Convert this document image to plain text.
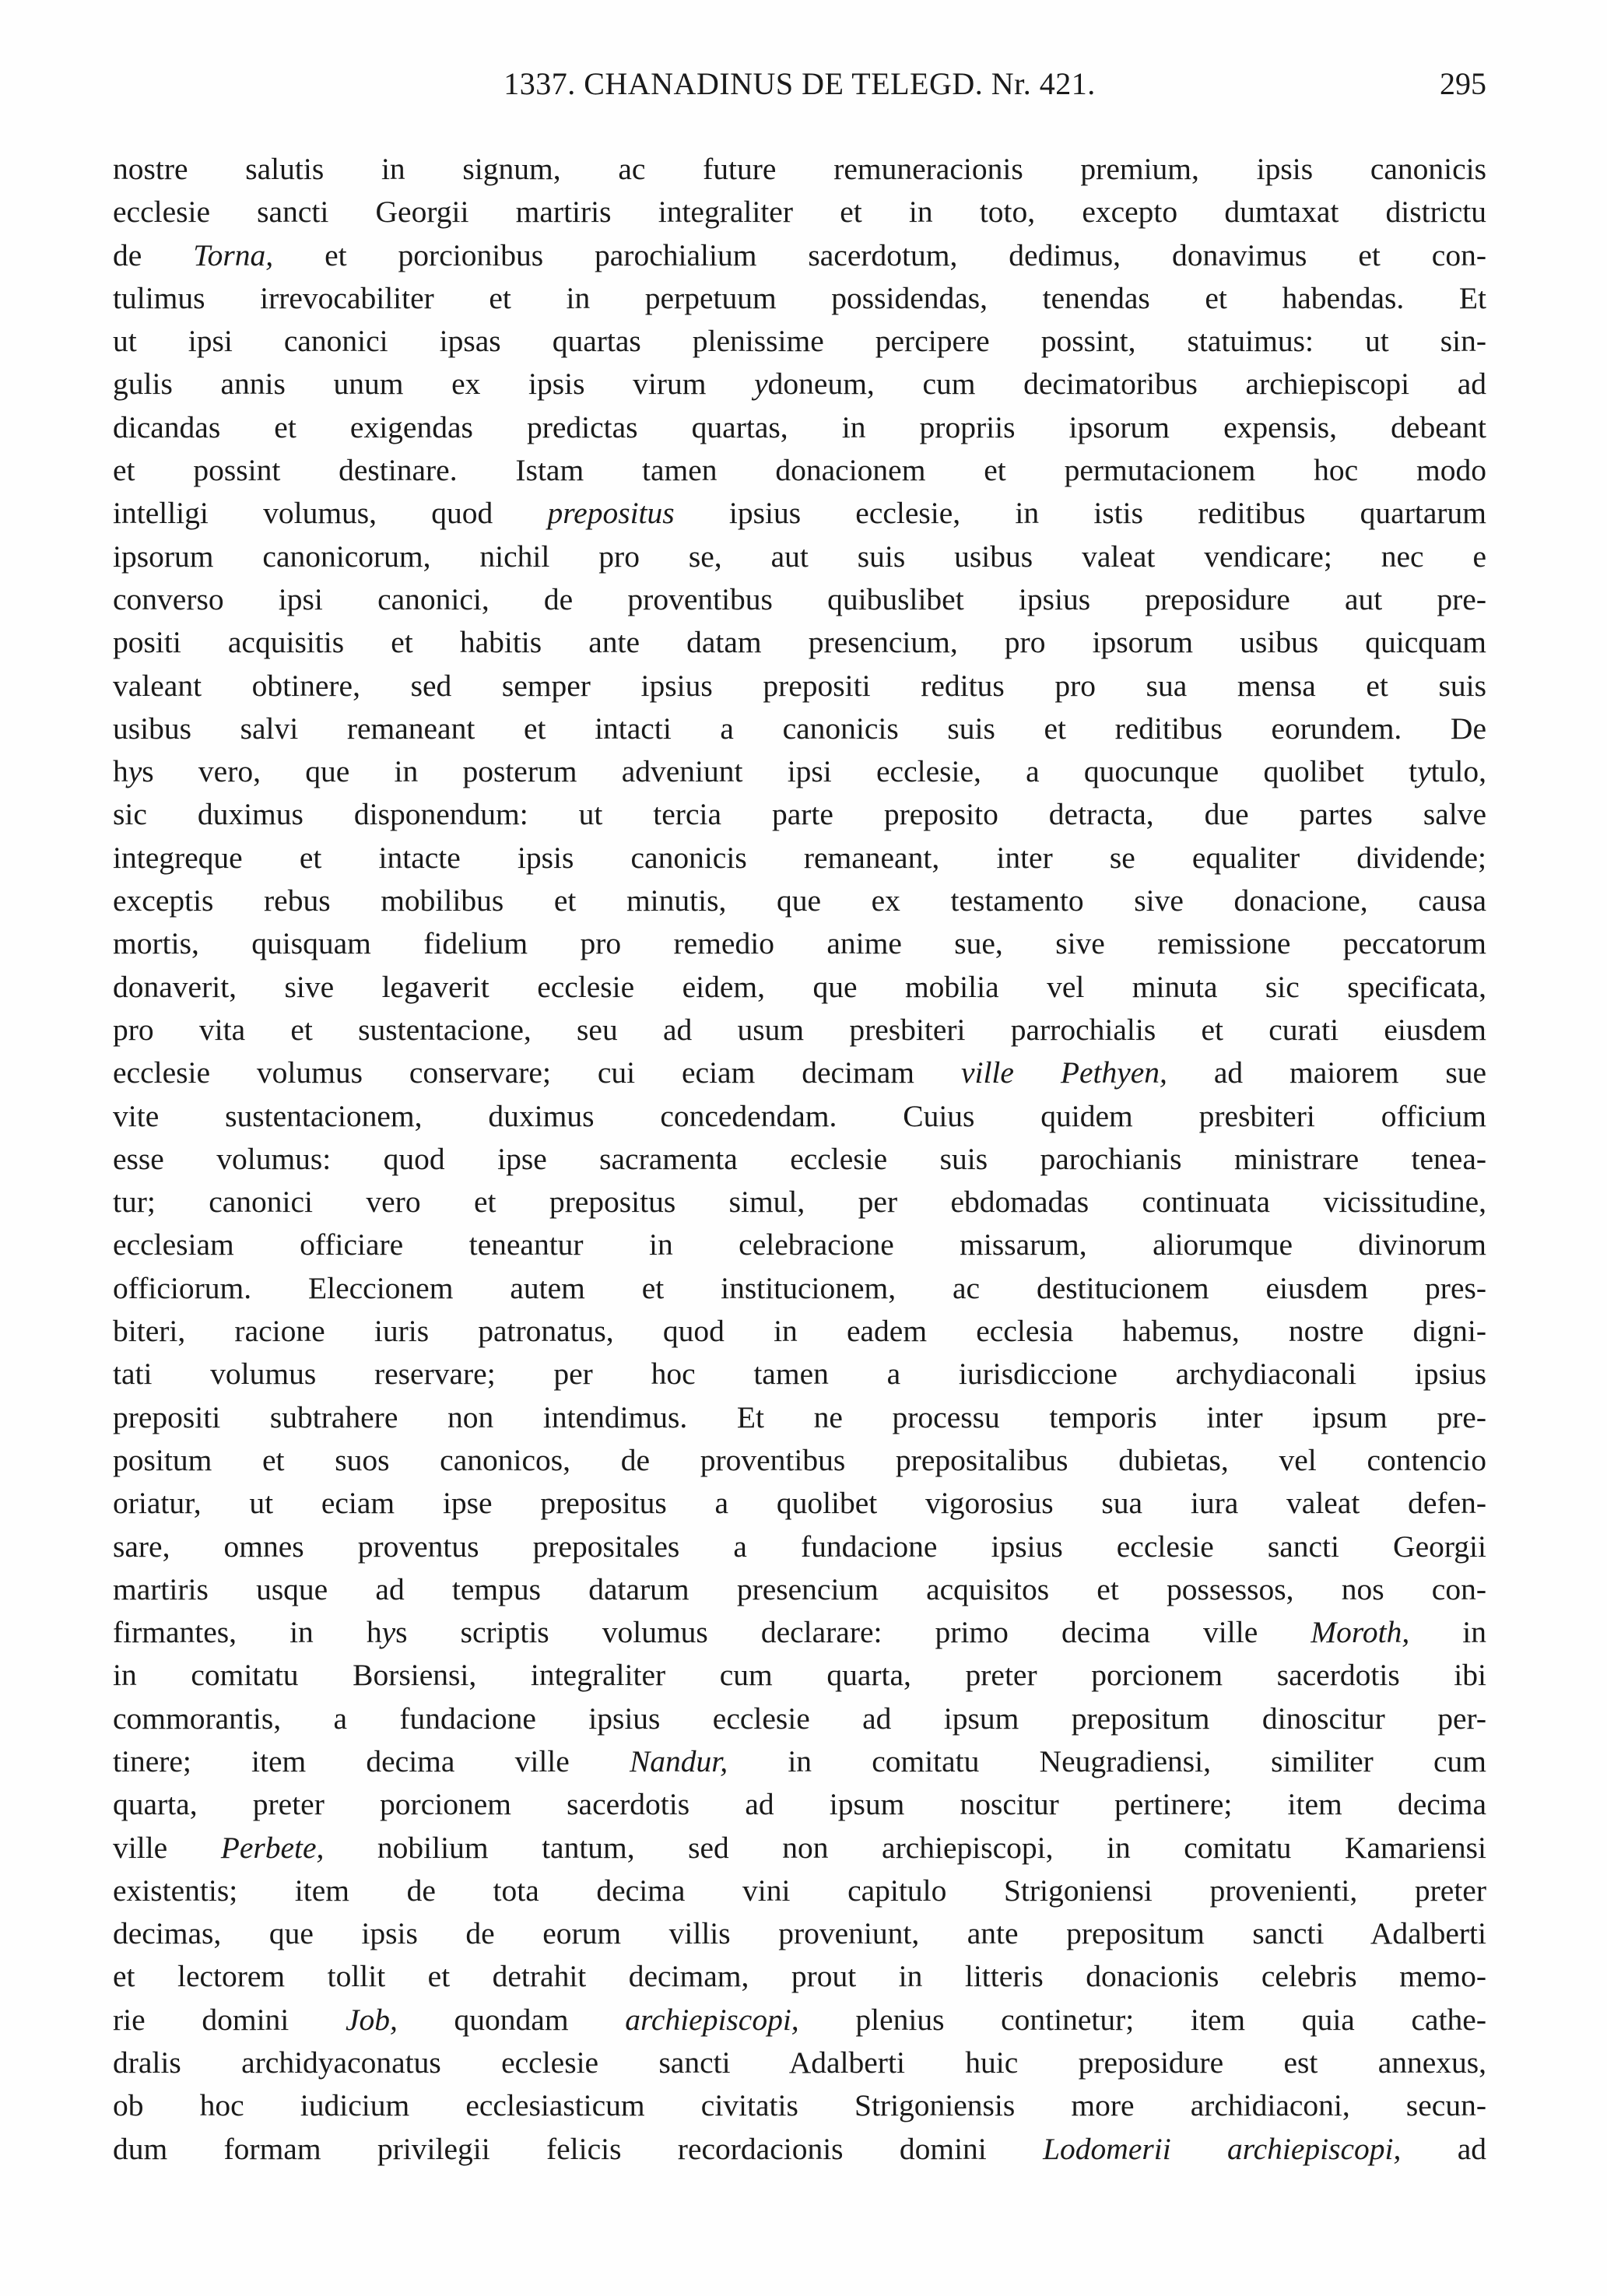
1337. CHANADINUS DE TELEGD. Nr. 421.	295
nostre salutis in signum, ac future remuneracionis premium, ipsis canonicis
ecclesie sancti Georgii martiris integraliter et in toto, excepto dumtaxat districtu
de Torna, et porcionibus parochialium sacerdotum, dedimus, donavimus et con-
tulimus irrevocabiliter et in perpetuum possidendas, tenendas et habendas. Et
ut ipsi canonici ipsas quartas plenissime percipere possint, statuimus: ut sin-
gulis annis unum ex ipsis virum ydoneum, cum decimatoribus archiepiscopi ad
dicandas et exigendas predictas quartas, in propriis ipsorum expensis, debeant
et possint destinare. Istam tamen donacionem et permutacionem hoc modo
intelligi volumus, quod prepositus ipsius ecclesie, in istis reditibus quartarum
ipsorum canonicorum, nichil pro se, aut suis usibus valeat vendicare; nec e
converso ipsi canonici, de proventibus quibuslibet ipsius preposidure aut pre-
positi acquisitis et habitis ante datam presencium, pro ipsorum usibus quicquam
valeant obtinere, sed semper ipsius prepositi reditus pro sua mensa et suis
usibus salvi remaneant et intacti a canonicis suis et reditibus eorundem. De
hys vero, que in posterum adveniunt ipsi ecclesie, a quocunque quolibet tytulo,
sic duximus disponendum: ut tercia parte preposito detracta, due partes salve
integreque et intacte ipsis canonicis remaneant, inter se equaliter dividende;
exceptis rebus mobilibus et minutis, que ex testamento sive donacione, causa
mortis, quisquam fidelium pro remedio anime sue, sive remissione peccatorum
donaverit, sive legaverit ecclesie eidem, que mobilia vel minuta sic specificata,
pro vita et sustentacione, seu ad usum presbiteri parrochialis et curati eiusdem
ecclesie volumus conservare; cui eciam decimam ville Pethyen, ad maiorem sue
vite sustentacionem, duximus concedendam. Cuius quidem presbiteri officium
esse volumus: quod ipse sacramenta ecclesie suis parochianis ministrare tenea-
tur; canonici vero et prepositus simul, per ebdomadas continuata vicissitudine,
ecclesiam officiare teneantur in celebracione missarum, aliorumque divinorum
officiorum. Eleccionem autem et institucionem, ac destitucionem eiusdem pres-
biteri, racione iuris patronatus, quod in eadem ecclesia habemus, nostre digni-
tati volumus reservare; per hoc tamen a iurisdiccione archydiaconali ipsius
prepositi subtrahere non intendimus. Et ne processu temporis inter ipsum pre-
positum et suos canonicos, de proventibus prepositalibus dubietas, vel contencio
oriatur, ut eciam ipse prepositus a quolibet vigorosius sua iura valeat defen-
sare, omnes proventus prepositales a fundacione ipsius ecclesie sancti Georgii
martiris usque ad tempus datarum presencium acquisitos et possessos, nos con-
firmantes, in hys scriptis volumus declarare: primo decima ville Moroth, in
in comitatu Borsiensi, integraliter cum quarta, preter porcionem sacerdotis ibi
commorantis, a fundacione ipsius ecclesie ad ipsum prepositum dinoscitur per-
tinere; item decima ville Nandur, in comitatu Neugradiensi, similiter cum
quarta, preter porcionem sacerdotis ad ipsum noscitur pertinere; item decima
ville Perbete, nobilium tantum, sed non archiepiscopi, in comitatu Kamariensi
existentis; item de tota decima vini capitulo Strigoniensi provenienti, preter
decimas, que ipsis de eorum villis proveniunt, ante prepositum sancti Adalberti
et lectorem tollit et detrahit decimam, prout in litteris donacionis celebris memo-
rie domini Job, quondam archiepiscopi, plenius continetur; item quia cathe-
dralis archidyaconatus ecclesie sancti Adalberti huic preposidure est annexus,
ob hoc iudicium ecclesiasticum civitatis Strigoniensis more archidiaconi, secun-
dum formam privilegii felicis recordacionis domini Lodomerii archiepiscopi, ad
